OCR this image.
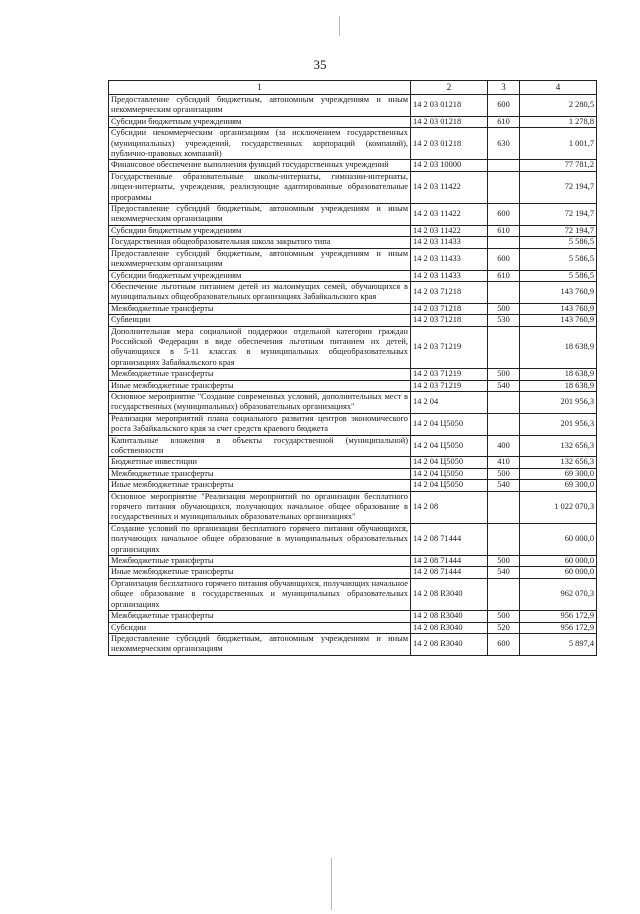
35
1	2	3	4
Предоставление субсидий бюджетным, автономным учреждениям и иным некоммерческим организациям	14 2 03 01218	600	2 280,5
Субсидии бюджетным учреждениям	14 2 03 01218	610	1 278,8
Субсидии некоммерческим организациям (за исключением государственных (муниципальных) учреждений, государственных корпораций (компаний), публично-правовых компаний)	14 2 03 01218	630	1 001,7
Финансовое обеспечение выполнения функций государственных учреждений	14 2 03 10000		77 781,2
Государственные образовательные школы-интернаты, гимназии-интернаты, лицеи-интернаты, учреждения, реализующие адаптированные образовательные программы	14 2 03 11422		72 194,7
Предоставление субсидий бюджетным, автономным учреждениям и иным некоммерческим организациям	14 2 03 11422	600	72 194,7
Субсидии бюджетным учреждениям	14 2 03 11422	610	72 194,7
Государственная общеобразовательная школа закрытого типа	14 2 03 11433		5 586,5
Предоставление субсидий бюджетным, автономным учреждениям и иным некоммерческим организациям	14 2 03 11433	600	5 586,5
Субсидии бюджетным учреждениям	14 2 03 11433	610	5 586,5
Обеспечение льготным питанием детей из малоимущих семей, обучающихся в муниципальных общеобразовательных организациях Забайкальского края	14 2 03 71218		143 760,9
Межбюджетные трансферты	14 2 03 71218	500	143 760,9
Субвенции	14 2 03 71218	530	143 760,9
Дополнительная мера социальной поддержки отдельной категории граждан Российской Федерации в виде обеспечения льготным питанием их детей, обучающихся в 5-11 классах в муниципальных общеобразовательных организациях Забайкальского края	14 2 03 71219		18 638,9
Межбюджетные трансферты	14 2 03 71219	500	18 638,9
Иные межбюджетные трансферты	14 2 03 71219	540	18 638,9
Основное мероприятие "Создание современных условий, дополнительных мест в государственных (муниципальных) образовательных организациях"	14 2 04		201 956,3
Реализация мероприятий плана социального развития центров экономического роста Забайкальского края за счет средств краевого бюджета	14 2 04 Ц5050		201 956,3
Капитальные вложения в объекты государственной (муниципальной) собственности	14 2 04 Ц5050	400	132 656,3
Бюджетные инвестиции	14 2 04 Ц5050	410	132 656,3
Межбюджетные трансферты	14 2 04 Ц5050	500	69 300,0
Иные межбюджетные трансферты	14 2 04 Ц5050	540	69 300,0
Основное мероприятие "Реализация мероприятий по организации бесплатного горячего питания обучающихся, получающих начальное общее образование в государственных и муниципальных образовательных организациях"	14 2 08		1 022 070,3
Создание условий по организации бесплатного горячего питания обучающихся, получающих начальное общее образование в муниципальных образовательных организациях	14 2 08 71444		60 000,0
Межбюджетные трансферты	14 2 08 71444	500	60 000,0
Иные межбюджетные трансферты	14 2 08 71444	540	60 000,0
Организация бесплатного горячего питания обучающихся, получающих начальное общее образование в государственных и муниципальных образовательных организациях	14 2 08 R3040		962 070,3
Межбюджетные трансферты	14 2 08 R3040	500	956 172,9
Субсидии	14 2 08 R3040	520	956 172,9
Предоставление субсидий бюджетным, автономным учреждениям и иным некоммерческим организациям	14 2 08 R3040	600	5 897,4
